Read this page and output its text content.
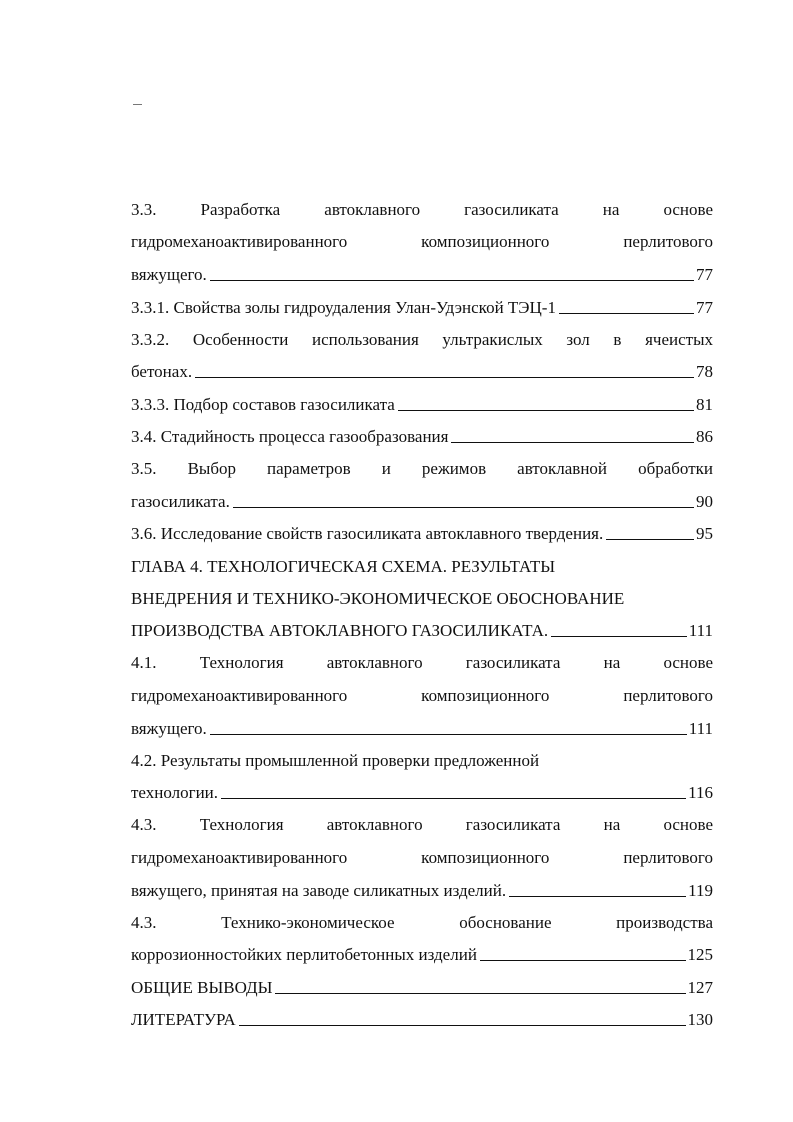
3.3. Разработка автоклавного газосиликата на основе
гидромеханоактивированного композиционного перлитового
вяжущего.	77
3.3.1. Свойства золы гидроудаления Улан-Удэнской ТЭЦ-1	77
3.3.2. Особенности использования ультракислых зол в ячеистых
бетонах.	78
3.3.3. Подбор составов газосиликата	81
3.4. Стадийность процесса газообразования	86
3.5. Выбор параметров и режимов автоклавной обработки
газосиликата.	90
3.6. Исследование свойств газосиликата автоклавного твердения.	95
ГЛАВА 4. ТЕХНОЛОГИЧЕСКАЯ СХЕМА. РЕЗУЛЬТАТЫ
ВНЕДРЕНИЯ И ТЕХНИКО-ЭКОНОМИЧЕСКОЕ ОБОСНОВАНИЕ
ПРОИЗВОДСТВА АВТОКЛАВНОГО ГАЗОСИЛИКАТА.	111
4.1. Технология автоклавного газосиликата на основе
гидромеханоактивированного композиционного перлитового
вяжущего.	111
4.2. Результаты промышленной проверки предложенной
технологии.	116
4.3. Технология автоклавного газосиликата на основе
гидромеханоактивированного композиционного перлитового
вяжущего, принятая на заводе силикатных изделий.	119
4.3. Технико-экономическое обоснование производства
коррозионностойких перлитобетонных изделий	125
ОБЩИЕ ВЫВОДЫ	127
ЛИТЕРАТУРА	130
